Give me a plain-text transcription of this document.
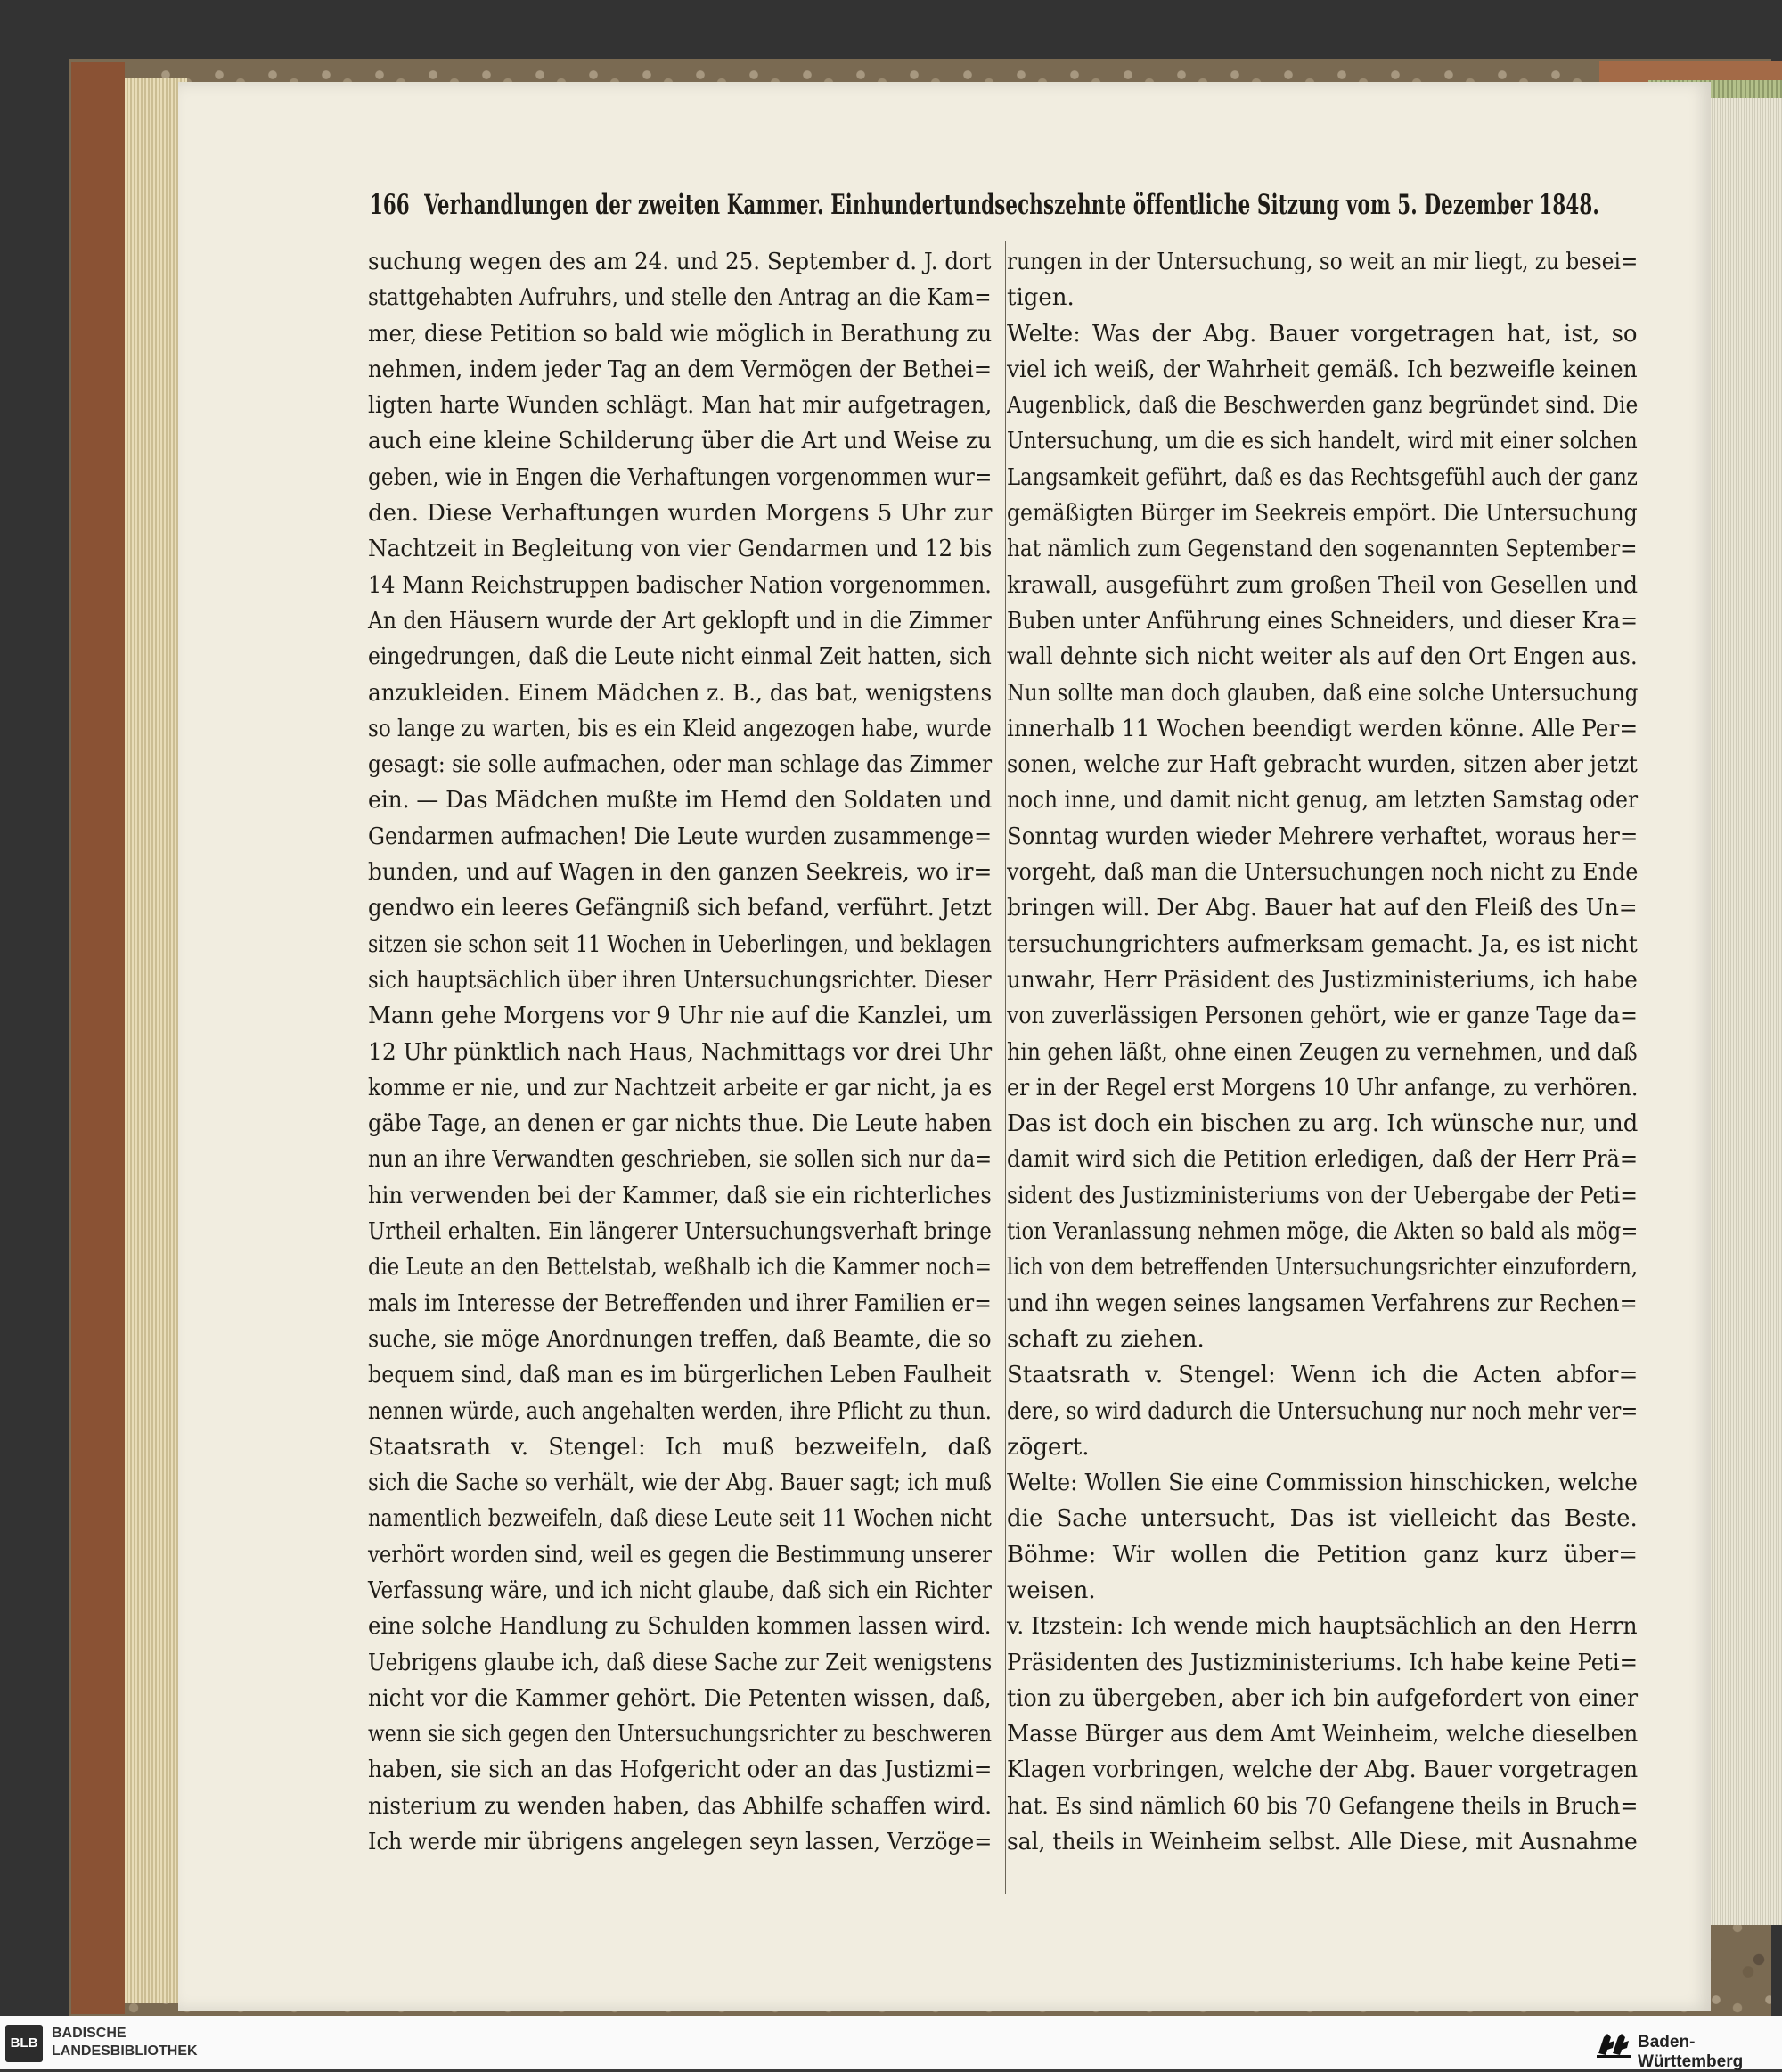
166 Verhandlungen der zweiten Kammer. Einhundertundsechszehnte öffentliche Sitzung vom 5. Dezember 1848.
suchung wegen des am 24. und 25. September d. J. dort
stattgehabten Aufruhrs, und stelle den Antrag an die Kam=
mer, diese Petition so bald wie möglich in Berathung zu
nehmen, indem jeder Tag an dem Vermögen der Bethei=
ligten harte Wunden schlägt. Man hat mir aufgetragen,
auch eine kleine Schilderung über die Art und Weise zu
geben, wie in Engen die Verhaftungen vorgenommen wur=
den. Diese Verhaftungen wurden Morgens 5 Uhr zur
Nachtzeit in Begleitung von vier Gendarmen und 12 bis
14 Mann Reichstruppen badischer Nation vorgenommen.
An den Häusern wurde der Art geklopft und in die Zimmer
eingedrungen, daß die Leute nicht einmal Zeit hatten, sich
anzukleiden. Einem Mädchen z. B., das bat, wenigstens
so lange zu warten, bis es ein Kleid angezogen habe, wurde
gesagt: sie solle aufmachen, oder man schlage das Zimmer
ein. — Das Mädchen mußte im Hemd den Soldaten und
Gendarmen aufmachen! Die Leute wurden zusammenge=
bunden, und auf Wagen in den ganzen Seekreis, wo ir=
gendwo ein leeres Gefängniß sich befand, verführt. Jetzt
sitzen sie schon seit 11 Wochen in Ueberlingen, und beklagen
sich hauptsächlich über ihren Untersuchungsrichter. Dieser
Mann gehe Morgens vor 9 Uhr nie auf die Kanzlei, um
12 Uhr pünktlich nach Haus, Nachmittags vor drei Uhr
komme er nie, und zur Nachtzeit arbeite er gar nicht, ja es
gäbe Tage, an denen er gar nichts thue. Die Leute haben
nun an ihre Verwandten geschrieben, sie sollen sich nur da=
hin verwenden bei der Kammer, daß sie ein richterliches
Urtheil erhalten. Ein längerer Untersuchungsverhaft bringe
die Leute an den Bettelstab, weßhalb ich die Kammer noch=
mals im Interesse der Betreffenden und ihrer Familien er=
suche, sie möge Anordnungen treffen, daß Beamte, die so
bequem sind, daß man es im bürgerlichen Leben Faulheit
nennen würde, auch angehalten werden, ihre Pflicht zu thun.
Staatsrath v. Stengel: Ich muß bezweifeln, daß
sich die Sache so verhält, wie der Abg. Bauer sagt; ich muß
namentlich bezweifeln, daß diese Leute seit 11 Wochen nicht
verhört worden sind, weil es gegen die Bestimmung unserer
Verfassung wäre, und ich nicht glaube, daß sich ein Richter
eine solche Handlung zu Schulden kommen lassen wird.
Uebrigens glaube ich, daß diese Sache zur Zeit wenigstens
nicht vor die Kammer gehört. Die Petenten wissen, daß,
wenn sie sich gegen den Untersuchungsrichter zu beschweren
haben, sie sich an das Hofgericht oder an das Justizmi=
nisterium zu wenden haben, das Abhilfe schaffen wird.
Ich werde mir übrigens angelegen seyn lassen, Verzöge=
rungen in der Untersuchung, so weit an mir liegt, zu besei=
tigen.
Welte: Was der Abg. Bauer vorgetragen hat, ist, so
viel ich weiß, der Wahrheit gemäß. Ich bezweifle keinen
Augenblick, daß die Beschwerden ganz begründet sind. Die
Untersuchung, um die es sich handelt, wird mit einer solchen
Langsamkeit geführt, daß es das Rechtsgefühl auch der ganz
gemäßigten Bürger im Seekreis empört. Die Untersuchung
hat nämlich zum Gegenstand den sogenannten September=
krawall, ausgeführt zum großen Theil von Gesellen und
Buben unter Anführung eines Schneiders, und dieser Kra=
wall dehnte sich nicht weiter als auf den Ort Engen aus.
Nun sollte man doch glauben, daß eine solche Untersuchung
innerhalb 11 Wochen beendigt werden könne. Alle Per=
sonen, welche zur Haft gebracht wurden, sitzen aber jetzt
noch inne, und damit nicht genug, am letzten Samstag oder
Sonntag wurden wieder Mehrere verhaftet, woraus her=
vorgeht, daß man die Untersuchungen noch nicht zu Ende
bringen will. Der Abg. Bauer hat auf den Fleiß des Un=
tersuchungrichters aufmerksam gemacht. Ja, es ist nicht
unwahr, Herr Präsident des Justizministeriums, ich habe
von zuverlässigen Personen gehört, wie er ganze Tage da=
hin gehen läßt, ohne einen Zeugen zu vernehmen, und daß
er in der Regel erst Morgens 10 Uhr anfange, zu verhören.
Das ist doch ein bischen zu arg. Ich wünsche nur, und
damit wird sich die Petition erledigen, daß der Herr Prä=
sident des Justizministeriums von der Uebergabe der Peti=
tion Veranlassung nehmen möge, die Akten so bald als mög=
lich von dem betreffenden Untersuchungsrichter einzufordern,
und ihn wegen seines langsamen Verfahrens zur Rechen=
schaft zu ziehen.
Staatsrath v. Stengel: Wenn ich die Acten abfor=
dere, so wird dadurch die Untersuchung nur noch mehr ver=
zögert.
Welte: Wollen Sie eine Commission hinschicken, welche
die Sache untersucht, Das ist vielleicht das Beste.
Böhme: Wir wollen die Petition ganz kurz über=
weisen.
v. Itzstein: Ich wende mich hauptsächlich an den Herrn
Präsidenten des Justizministeriums. Ich habe keine Peti=
tion zu übergeben, aber ich bin aufgefordert von einer
Masse Bürger aus dem Amt Weinheim, welche dieselben
Klagen vorbringen, welche der Abg. Bauer vorgetragen
hat. Es sind nämlich 60 bis 70 Gefangene theils in Bruch=
sal, theils in Weinheim selbst. Alle Diese, mit Ausnahme
BLB
BADISCHE
LANDESBIBLIOTHEK	Baden-Württemberg
